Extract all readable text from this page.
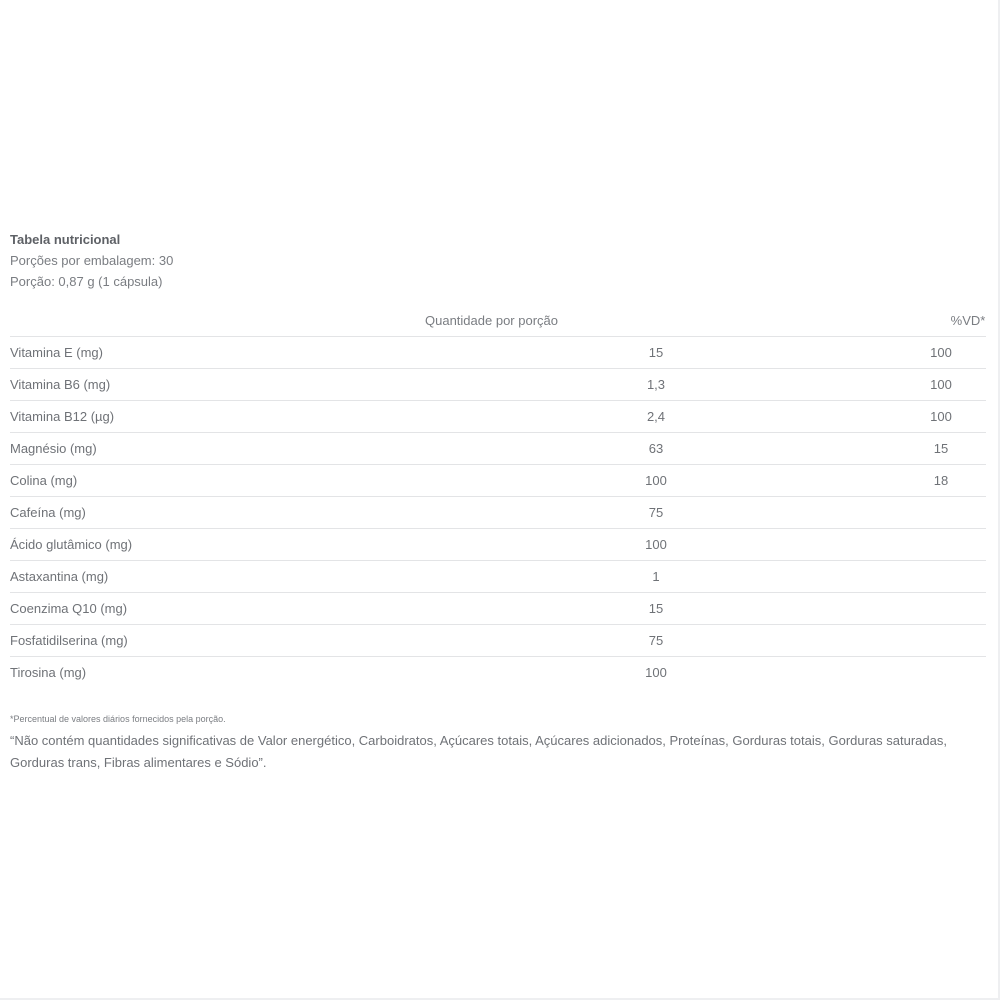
Tabela nutricional

Porções por embalagem: 30

Porção: 0,87 g (1 cápsula)

	Quantidade por porção	%VD*
Vitamina E (mg)	15	100
Vitamina B6 (mg)	1,3	100
Vitamina B12 (µg)	2,4	100
Magnésio (mg)	63	15
Colina (mg)	100	18
Cafeína (mg)	75	
Ácido glutâmico (mg)	100	
Astaxantina (mg)	1	
Coenzima Q10 (mg)	15	
Fosfatidilserina (mg)	75	
Tirosina (mg)	100	

*Percentual de valores diários fornecidos pela porção.

“Não contém quantidades significativas de Valor energético, Carboidratos, Açúcares totais, Açúcares adicionados, Proteínas, Gorduras totais, Gorduras saturadas, Gorduras trans, Fibras alimentares e Sódio”.
